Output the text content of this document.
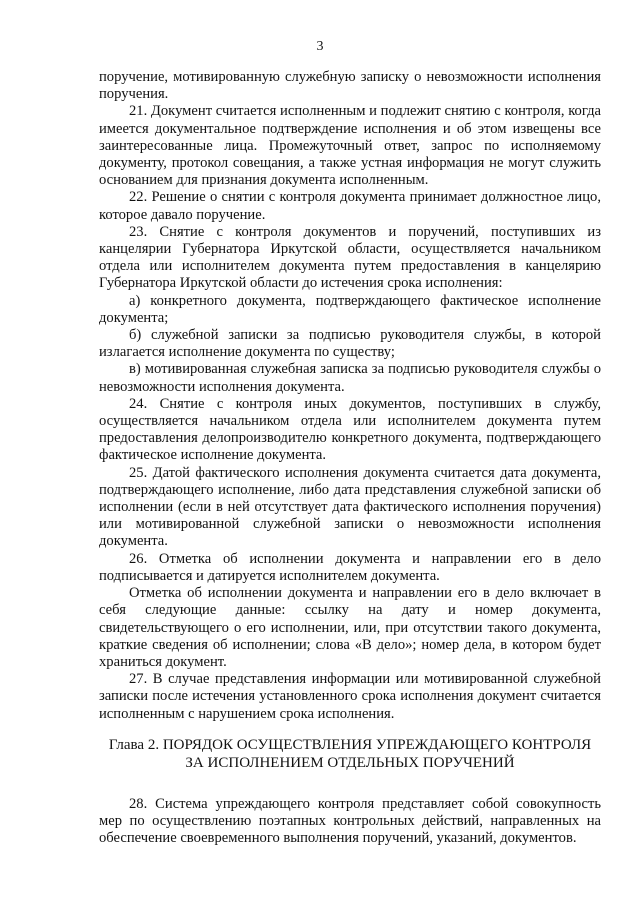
3

поручение, мотивированную служебную записку о невозможности исполнения поручения.

21. Документ считается исполненным и подлежит снятию с контроля, когда имеется документальное подтверждение исполнения и об этом извещены все заинтересованные лица. Промежуточный ответ, запрос по исполняемому документу, протокол совещания, а также устная информация не могут служить основанием для признания документа исполненным.

22. Решение о снятии с контроля документа принимает должностное лицо, которое давало поручение.

23. Снятие с контроля документов и поручений, поступивших из канцелярии Губернатора Иркутской области, осуществляется начальником отдела или исполнителем документа путем предоставления в канцелярию Губернатора Иркутской области до истечения срока исполнения:

а) конкретного документа, подтверждающего фактическое исполнение документа;

б) служебной записки за подписью руководителя службы, в которой излагается исполнение документа по существу;

в) мотивированная служебная записка за подписью руководителя службы о невозможности исполнения документа.

24. Снятие с контроля иных документов, поступивших в службу, осуществляется начальником отдела или исполнителем документа путем предоставления делопроизводителю конкретного документа, подтверждающего фактическое исполнение документа.

25. Датой фактического исполнения документа считается дата документа, подтверждающего исполнение, либо дата представления служебной записки об исполнении (если в ней отсутствует дата фактического исполнения поручения) или мотивированной служебной записки о невозможности исполнения документа.

26. Отметка об исполнении документа и направлении его в дело подписывается и датируется исполнителем документа.

Отметка об исполнении документа и направлении его в дело включает в себя следующие данные: ссылку на дату и номер документа, свидетельствующего о его исполнении, или, при отсутствии такого документа, краткие сведения об исполнении; слова «В дело»; номер дела, в котором будет храниться документ.

27. В случае представления информации или мотивированной служебной записки после истечения установленного срока исполнения документ считается исполненным с нарушением срока исполнения.

Глава 2. ПОРЯДОК ОСУЩЕСТВЛЕНИЯ УПРЕЖДАЮЩЕГО КОНТРОЛЯ
ЗА ИСПОЛНЕНИЕМ ОТДЕЛЬНЫХ ПОРУЧЕНИЙ

28. Система упреждающего контроля представляет собой совокупность мер по осуществлению поэтапных контрольных действий, направленных на обеспечение своевременного выполнения поручений, указаний, документов.
